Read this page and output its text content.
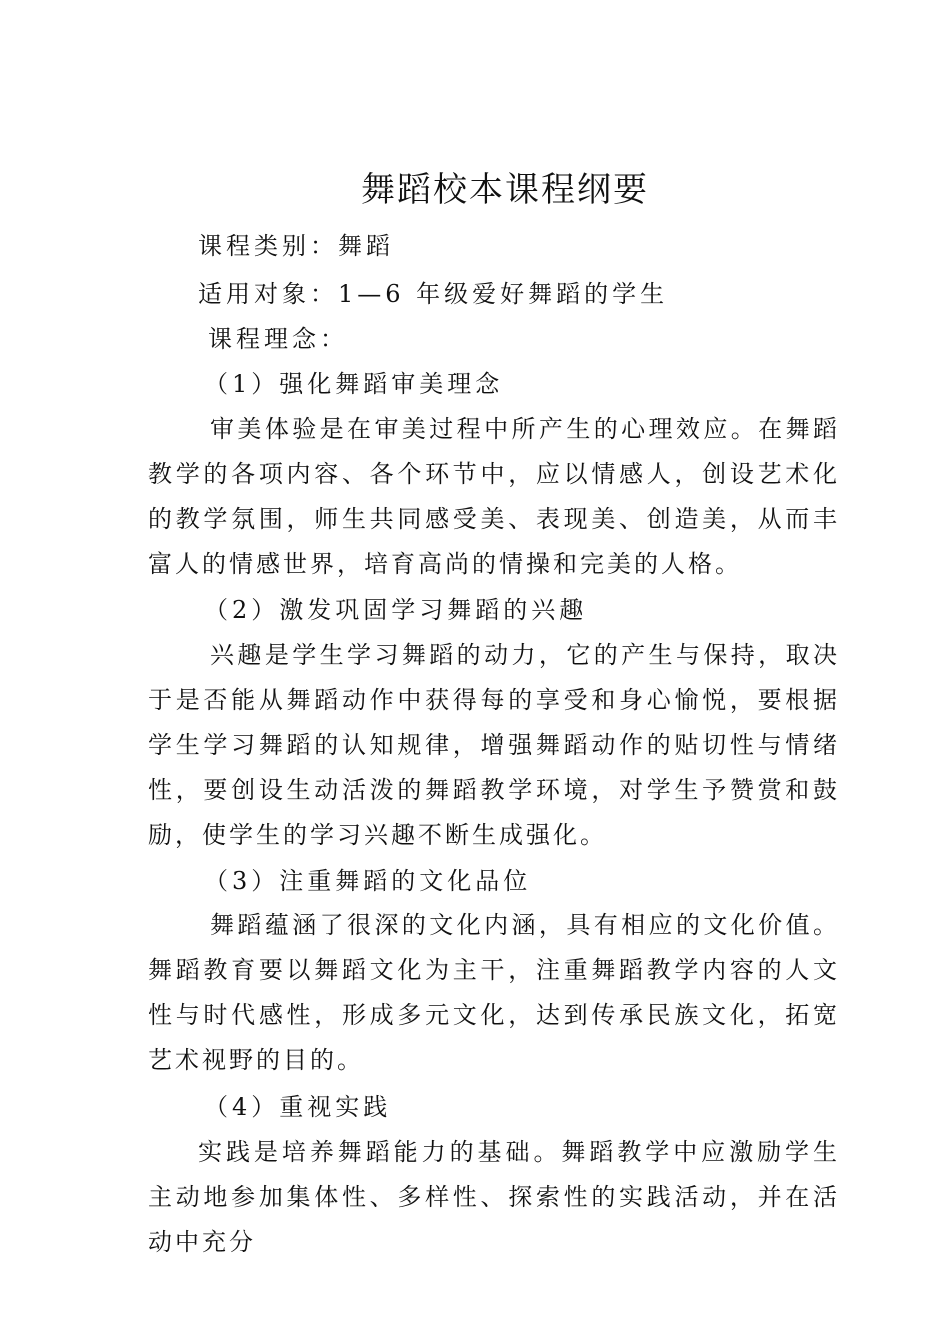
舞蹈校本课程纲要
课程类别：舞蹈
适用对象：1—6 年级爱好舞蹈的学生
课程理念：
（1）强化舞蹈审美理念
审美体验是在审美过程中所产生的心理效应。在舞蹈教学的各项内容、各个环节中，应以情感人，创设艺术化的教学氛围，师生共同感受美、表现美、创造美，从而丰富人的情感世界，培育高尚的情操和完美的人格。
（2）激发巩固学习舞蹈的兴趣
兴趣是学生学习舞蹈的动力，它的产生与保持，取决于是否能从舞蹈动作中获得每的享受和身心愉悦，要根据学生学习舞蹈的认知规律，增强舞蹈动作的贴切性与情绪性，要创设生动活泼的舞蹈教学环境，对学生予赞赏和鼓励，使学生的学习兴趣不断生成强化。
（3）注重舞蹈的文化品位
舞蹈蕴涵了很深的文化内涵，具有相应的文化价值。舞蹈教育要以舞蹈文化为主干，注重舞蹈教学内容的人文性与时代感性，形成多元文化，达到传承民族文化，拓宽艺术视野的目的。
（4）重视实践
实践是培养舞蹈能力的基础。舞蹈教学中应激励学生主动地参加集体性、多样性、探索性的实践活动，并在活动中充分
